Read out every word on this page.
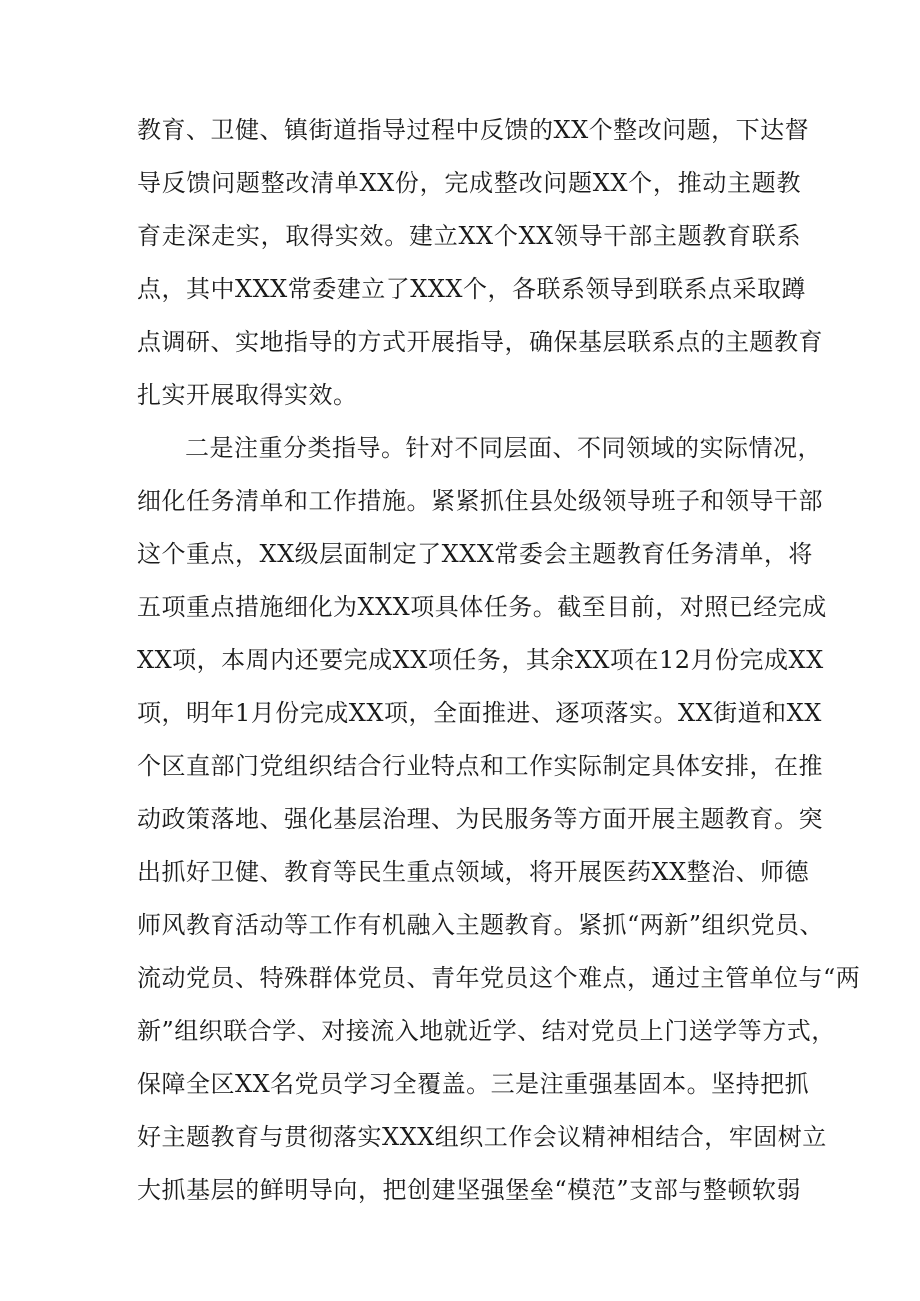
教育、卫健、镇街道指导过程中反馈的XX个整改问题，下达督
导反馈问题整改清单XX份，完成整改问题XX个，推动主题教
育走深走实，取得实效。建立XX个XX领导干部主题教育联系
点，其中XXX常委建立了XXX个，各联系领导到联系点采取蹲
点调研、实地指导的方式开展指导，确保基层联系点的主题教育
扎实开展取得实效。
二是注重分类指导。针对不同层面、不同领域的实际情况，
细化任务清单和工作措施。紧紧抓住县处级领导班子和领导干部
这个重点，XX级层面制定了XXX常委会主题教育任务清单，将
五项重点措施细化为XXX项具体任务。截至目前，对照已经完成
XX项，本周内还要完成XX项任务，其余XX项在12月份完成XX
项，明年1月份完成XX项，全面推进、逐项落实。XX街道和XX
个区直部门党组织结合行业特点和工作实际制定具体安排，在推
动政策落地、强化基层治理、为民服务等方面开展主题教育。突
出抓好卫健、教育等民生重点领域，将开展医药XX整治、师德
师风教育活动等工作有机融入主题教育。紧抓“两新”组织党员、
流动党员、特殊群体党员、青年党员这个难点，通过主管单位与“两
新”组织联合学、对接流入地就近学、结对党员上门送学等方式，
保障全区XX名党员学习全覆盖。三是注重强基固本。坚持把抓
好主题教育与贯彻落实XXX组织工作会议精神相结合，牢固树立
大抓基层的鲜明导向，把创建坚强堡垒“模范”支部与整顿软弱
